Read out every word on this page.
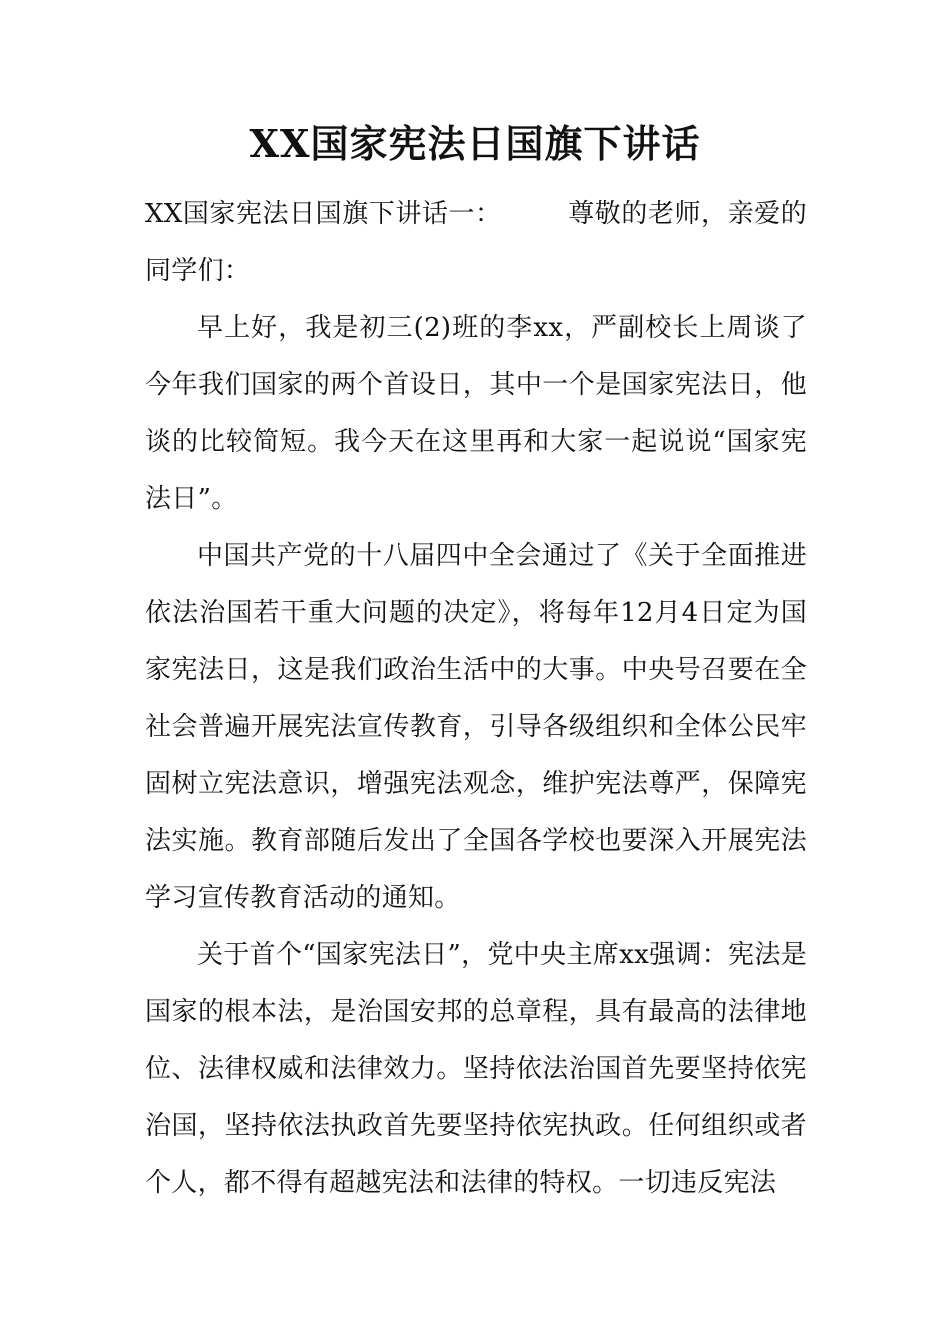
XX国家宪法日国旗下讲话

XX国家宪法日国旗下讲话一：　　　尊敬的老师，亲爱的同学们：

早上好，我是初三(2)班的李xx，严副校长上周谈了今年我们国家的两个首设日，其中一个是国家宪法日，他谈的比较简短。我今天在这里再和大家一起说说“国家宪法日”。

中国共产党的十八届四中全会通过了《关于全面推进依法治国若干重大问题的决定》，将每年12月4日定为国家宪法日，这是我们政治生活中的大事。中央号召要在全社会普遍开展宪法宣传教育，引导各级组织和全体公民牢固树立宪法意识，增强宪法观念，维护宪法尊严，保障宪法实施。教育部随后发出了全国各学校也要深入开展宪法学习宣传教育活动的通知。

关于首个“国家宪法日”，党中央主席xx强调：宪法是国家的根本法，是治国安邦的总章程，具有最高的法律地位、法律权威和法律效力。坚持依法治国首先要坚持依宪治国，坚持依法执政首先要坚持依宪执政。任何组织或者个人，都不得有超越宪法和法律的特权。一切违反宪法
